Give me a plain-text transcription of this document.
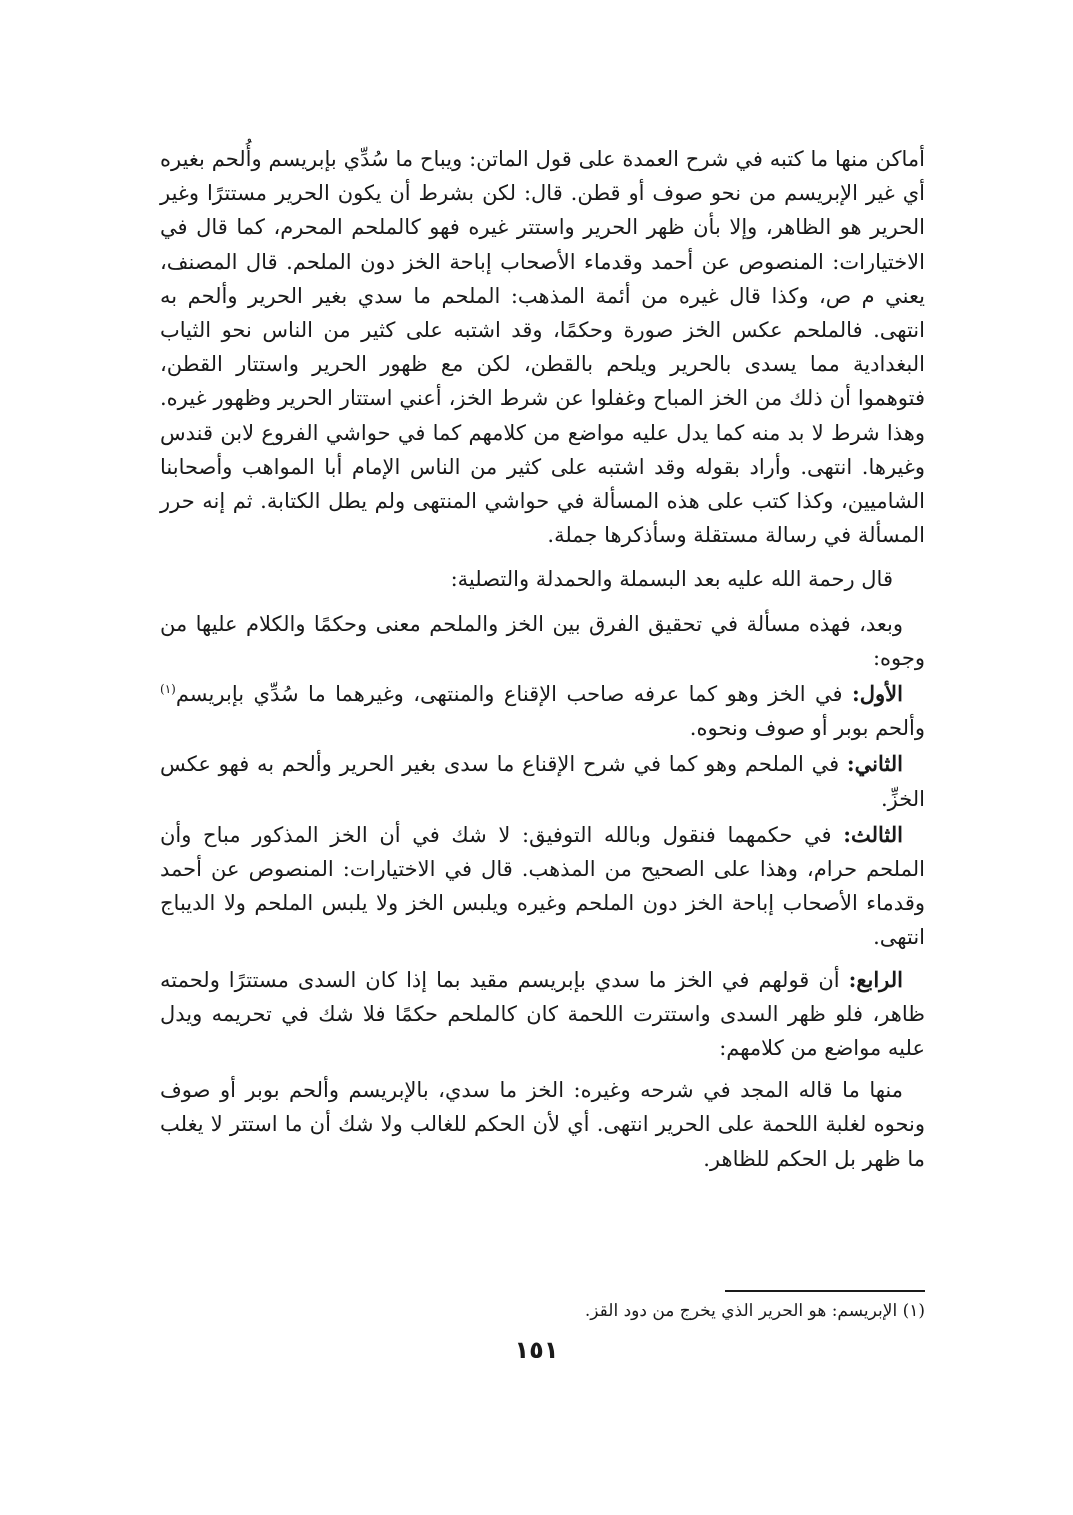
أماكن منها ما كتبه في شرح العمدة على قول الماتن: ويباح ما سُدِّي بإبريسم وأُلحم بغيره أي غير الإبريسم من نحو صوف أو قطن. قال: لكن بشرط أن يكون الحرير مستترًا وغير الحرير هو الظاهر، وإلا بأن ظهر الحرير واستتر غيره فهو كالملحم المحرم، كما قال في الاختيارات: المنصوص عن أحمد وقدماء الأصحاب إباحة الخز دون الملحم. قال المصنف، يعني م ص، وكذا قال غيره من أئمة المذهب: الملحم ما سدي بغير الحرير وألحم به انتهى. فالملحم عكس الخز صورة وحكمًا، وقد اشتبه على كثير من الناس نحو الثياب البغدادية مما يسدى بالحرير ويلحم بالقطن، لكن مع ظهور الحرير واستتار القطن، فتوهموا أن ذلك من الخز المباح وغفلوا عن شرط الخز، أعني استتار الحرير وظهور غيره. وهذا شرط لا بد منه كما يدل عليه مواضع من كلامهم كما في حواشي الفروع لابن قندس وغيرها. انتهى. وأراد بقوله وقد اشتبه على كثير من الناس الإمام أبا المواهب وأصحابنا الشاميين، وكذا كتب على هذه المسألة في حواشي المنتهى ولم يطل الكتابة. ثم إنه حرر المسألة في رسالة مستقلة وسأذكرها جملة.

قال رحمة الله عليه بعد البسملة والحمدلة والتصلية:

وبعد، فهذه مسألة في تحقيق الفرق بين الخز والملحم معنى وحكمًا والكلام عليها من وجوه:

الأول: في الخز وهو كما عرفه صاحب الإقناع والمنتهى، وغيرهما ما سُدِّي بإبريسم$^{(١)}$ وألحم بوبر أو صوف ونحوه.

الثاني: في الملحم وهو كما في شرح الإقناع ما سدى بغير الحرير وألحم به فهو عكس الخزِّ.

الثالث: في حكمهما فنقول وبالله التوفيق: لا شك في أن الخز المذكور مباح وأن الملحم حرام، وهذا على الصحيح من المذهب. قال في الاختيارات: المنصوص عن أحمد وقدماء الأصحاب إباحة الخز دون الملحم وغيره ويلبس الخز ولا يلبس الملحم ولا الديباج انتهى.

الرابع: أن قولهم في الخز ما سدي بإبريسم مقيد بما إذا كان السدى مستترًا ولحمته ظاهر، فلو ظهر السدى واستترت اللحمة كان كالملحم حكمًا فلا شك في تحريمه ويدل عليه مواضع من كلامهم:

منها ما قاله المجد في شرحه وغيره: الخز ما سدي، بالإبريسم وألحم بوبر أو صوف ونحوه لغلبة اللحمة على الحرير انتهى. أي لأن الحكم للغالب ولا شك أن ما استتر لا يغلب ما ظهر بل الحكم للظاهر.

(١) الإبريسم: هو الحرير الذي يخرج من دود القز.
١٥١
